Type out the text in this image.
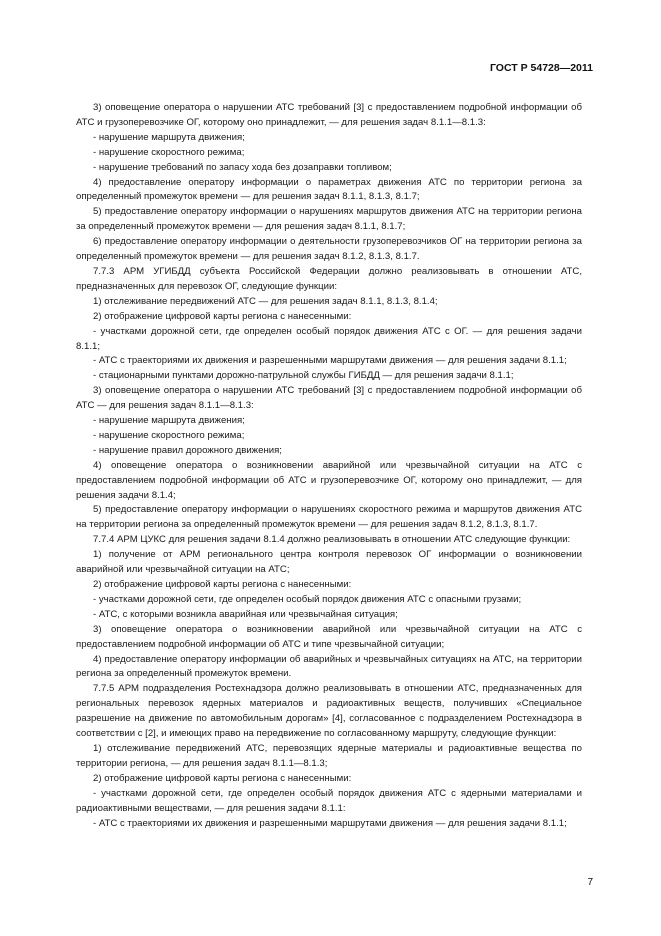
ГОСТ Р 54728—2011

3) оповещение оператора о нарушении АТС требований [3] с предоставлением подробной информации об АТС и грузоперевозчике ОГ, которому оно принадлежит, — для решения задач 8.1.1—8.1.3:

- нарушение маршрута движения;

- нарушение скоростного режима;

- нарушение требований по запасу хода без дозаправки топливом;

4) предоставление оператору информации о параметрах движения АТС по территории региона за определенный промежуток времени — для решения задач 8.1.1, 8.1.3, 8.1.7;

5) предоставление оператору информации о нарушениях маршрутов движения АТС на территории региона за определенный промежуток времени — для решения задач 8.1.1, 8.1.7;

6) предоставление оператору информации о деятельности грузоперевозчиков ОГ на территории региона за определенный промежуток времени — для решения задач 8.1.2, 8.1.3, 8.1.7.

7.7.3 АРМ УГИБДД субъекта Российской Федерации должно реализовывать в отношении АТС, предназначенных для перевозок ОГ, следующие функции:

1) отслеживание передвижений АТС — для решения задач 8.1.1, 8.1.3, 8.1.4;

2) отображение цифровой карты региона с нанесенными:

- участками дорожной сети, где определен особый порядок движения АТС с ОГ. — для решения задачи 8.1.1;

- АТС с траекториями их движения и разрешенными маршрутами движения — для решения задачи 8.1.1;

- стационарными пунктами дорожно-патрульной службы ГИБДД — для решения задачи 8.1.1;

3) оповещение оператора о нарушении АТС требований [3] с предоставлением подробной информации об АТС — для решения задач 8.1.1—8.1.3:

- нарушение маршрута движения;

- нарушение скоростного режима;

- нарушение правил дорожного движения;

4) оповещение оператора о возникновении аварийной или чрезвычайной ситуации на АТС с предоставлением подробной информации об АТС и грузоперевозчике ОГ, которому оно принадлежит, — для решения задачи 8.1.4;

5) предоставление оператору информации о нарушениях скоростного режима и маршрутов движения АТС на территории региона за определенный промежуток времени — для решения задач 8.1.2, 8.1.3, 8.1.7.

7.7.4 АРМ ЦУКС для решения задачи 8.1.4 должно реализовывать в отношении АТС следующие функции:

1) получение от АРМ регионального центра контроля перевозок ОГ информации о возникновении аварийной или чрезвычайной ситуации на АТС;

2) отображение цифровой карты региона с нанесенными:

- участками дорожной сети, где определен особый порядок движения АТС с опасными грузами;

- АТС, с которыми возникла аварийная или чрезвычайная ситуация;

3) оповещение оператора о возникновении аварийной или чрезвычайной ситуации на АТС с предоставлением подробной информации об АТС и типе чрезвычайной ситуации;

4) предоставление оператору информации об аварийных и чрезвычайных ситуациях на АТС, на территории региона за определенный промежуток времени.

7.7.5 АРМ подразделения Ростехнадзора должно реализовывать в отношении АТС, предназначенных для региональных перевозок ядерных материалов и радиоактивных веществ, получивших «Специальное разрешение на движение по автомобильным дорогам» [4], согласованное с подразделением Ростехнадзора в соответствии с [2], и имеющих право на передвижение по согласованному маршруту, следующие функции:

1) отслеживание передвижений АТС, перевозящих ядерные материалы и радиоактивные вещества по территории региона, — для решения задач 8.1.1—8.1.3;

2) отображение цифровой карты региона с нанесенными:

- участками дорожной сети, где определен особый порядок движения АТС с ядерными материалами и радиоактивными веществами, — для решения задачи 8.1.1:

- АТС с траекториями их движения и разрешенными маршрутами движения — для решения задачи 8.1.1;

7
